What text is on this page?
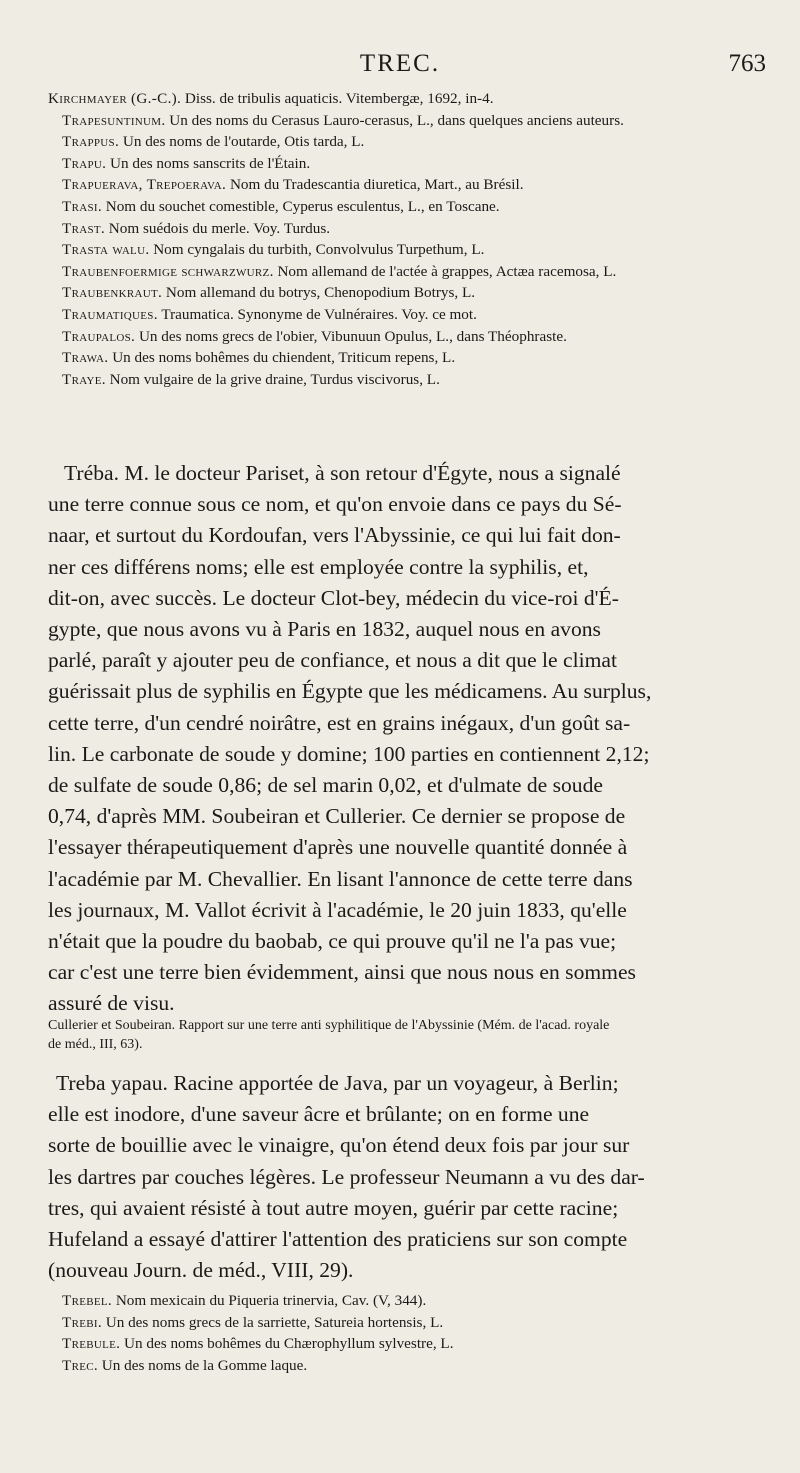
TREC.	763

Kirchmayer (G.-C.). Diss. de tribulis aquaticis. Vitembergæ, 1692, in-4.

Trapesuntinum. Un des noms du Cerasus Lauro-cerasus, L., dans quelques anciens auteurs.

Trappus. Un des noms de l'outarde, Otis tarda, L.

Trapu. Un des noms sanscrits de l'Étain.

Trapuerava, Trepoerava. Nom du Tradescantia diuretica, Mart., au Brésil.

Trasi. Nom du souchet comestible, Cyperus esculentus, L., en Toscane.

Trast. Nom suédois du merle. Voy. Turdus.

Trasta walu. Nom cyngalais du turbith, Convolvulus Turpethum, L.

Traubenfoermige schwarzwurz. Nom allemand de l'actée à grappes, Actæa racemosa, L.

Traubenkraut. Nom allemand du botrys, Chenopodium Botrys, L.

Traumatiques. Traumatica. Synonyme de Vulnéraires. Voy. ce mot.

Traupalos. Un des noms grecs de l'obier, Vibunuun Opulus, L., dans Théophraste.

Trawa. Un des noms bohêmes du chiendent, Triticum repens, L.

Traye. Nom vulgaire de la grive draine, Turdus viscivorus, L.

Tréba. M. le docteur Pariset, à son retour d'Égyte, nous a signalé
une terre connue sous ce nom, et qu'on envoie dans ce pays du Sé-
naar, et surtout du Kordoufan, vers l'Abyssinie, ce qui lui fait don-
ner ces différens noms; elle est employée contre la syphilis, et,
dit-on, avec succès. Le docteur Clot-bey, médecin du vice-roi d'É-
gypte, que nous avons vu à Paris en 1832, auquel nous en avons
parlé, paraît y ajouter peu de confiance, et nous a dit que le climat
guérissait plus de syphilis en Égypte que les médicamens. Au surplus,
cette terre, d'un cendré noirâtre, est en grains inégaux, d'un goût sa-
lin. Le carbonate de soude y domine; 100 parties en contiennent 2,12;
de sulfate de soude 0,86; de sel marin 0,02, et d'ulmate de soude
0,74, d'après MM. Soubeiran et Cullerier. Ce dernier se propose de
l'essayer thérapeutiquement d'après une nouvelle quantité donnée à
l'académie par M. Chevallier. En lisant l'annonce de cette terre dans
les journaux, M. Vallot écrivit à l'académie, le 20 juin 1833, qu'elle
n'était que la poudre du baobab, ce qui prouve qu'il ne l'a pas vue;
car c'est une terre bien évidemment, ainsi que nous nous en sommes
assuré de visu.
Cullerier et Soubeiran. Rapport sur une terre anti syphilitique de l'Abyssinie (Mém. de l'acad. royale
de méd., III, 63).
Treba yapau. Racine apportée de Java, par un voyageur, à Berlin;
elle est inodore, d'une saveur âcre et brûlante; on en forme une
sorte de bouillie avec le vinaigre, qu'on étend deux fois par jour sur
les dartres par couches légères. Le professeur Neumann a vu des dar-
tres, qui avaient résisté à tout autre moyen, guérir par cette racine;
Hufeland a essayé d'attirer l'attention des praticiens sur son compte
(nouveau Journ. de méd., VIII, 29).

Trebel. Nom mexicain du Piqueria trinervia, Cav. (V, 344).

Trebi. Un des noms grecs de la sarriette, Satureia hortensis, L.

Trebule. Un des noms bohêmes du Chærophyllum sylvestre, L.

Trec. Un des noms de la Gomme laque.
